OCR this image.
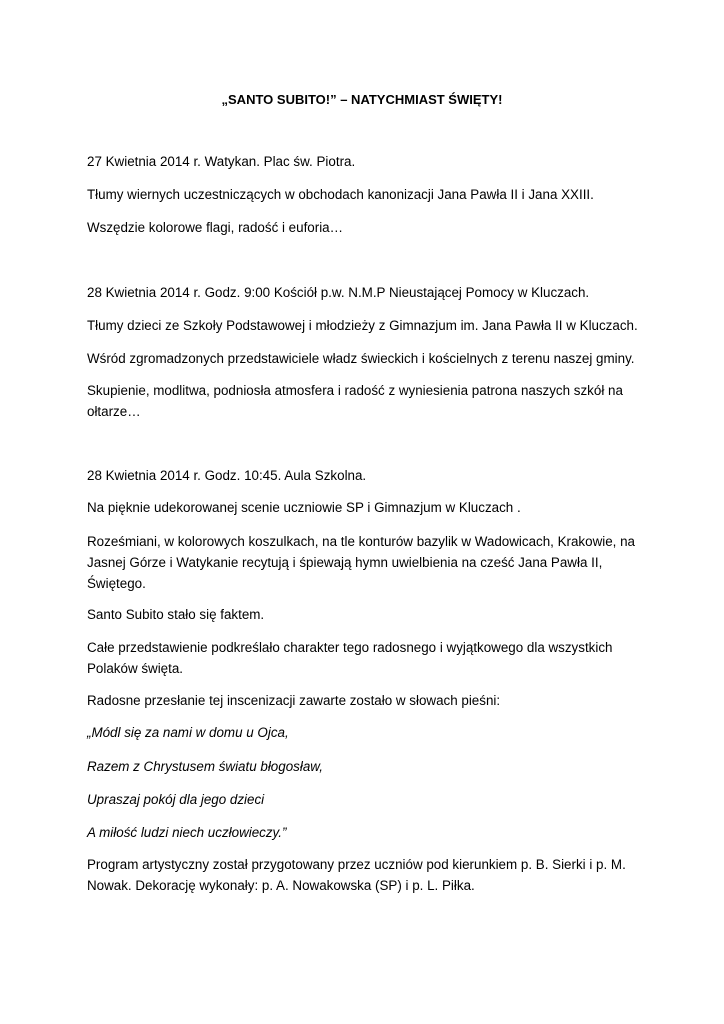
„SANTO SUBITO!” – NATYCHMIAST ŚWIĘTY!

27 Kwietnia 2014 r. Watykan. Plac św. Piotra.

Tłumy wiernych uczestniczących w obchodach kanonizacji Jana Pawła II i Jana XXIII.

Wszędzie kolorowe flagi, radość i euforia…

28 Kwietnia 2014 r. Godz. 9:00 Kościół p.w. N.M.P Nieustającej Pomocy w Kluczach.

Tłumy dzieci ze Szkoły Podstawowej i młodzieży z Gimnazjum im. Jana Pawła II w Kluczach.

Wśród zgromadzonych przedstawiciele władz świeckich i kościelnych z terenu naszej gminy.

Skupienie, modlitwa, podniosła atmosfera i radość z wyniesienia patrona naszych szkół na ołtarze…

28 Kwietnia 2014 r. Godz. 10:45. Aula Szkolna.

Na pięknie udekorowanej scenie uczniowie SP i Gimnazjum w Kluczach .

Roześmiani, w kolorowych koszulkach, na tle konturów bazylik w Wadowicach, Krakowie, na Jasnej Górze i Watykanie recytują i śpiewają hymn uwielbienia na cześć Jana Pawła II, Świętego.

Santo Subito stało się faktem.

Całe przedstawienie podkreślało charakter tego radosnego i wyjątkowego dla wszystkich Polaków święta.

Radosne przesłanie tej inscenizacji zawarte zostało w słowach pieśni:

„Módl się za nami w domu u Ojca,

Razem z Chrystusem światu błogosław,

Upraszaj pokój dla jego dzieci

A miłość ludzi niech uczłowieczy.”

Program artystyczny został przygotowany przez uczniów pod kierunkiem p. B. Sierki i p. M. Nowak. Dekorację wykonały: p. A. Nowakowska (SP) i p. L. Piłka.
